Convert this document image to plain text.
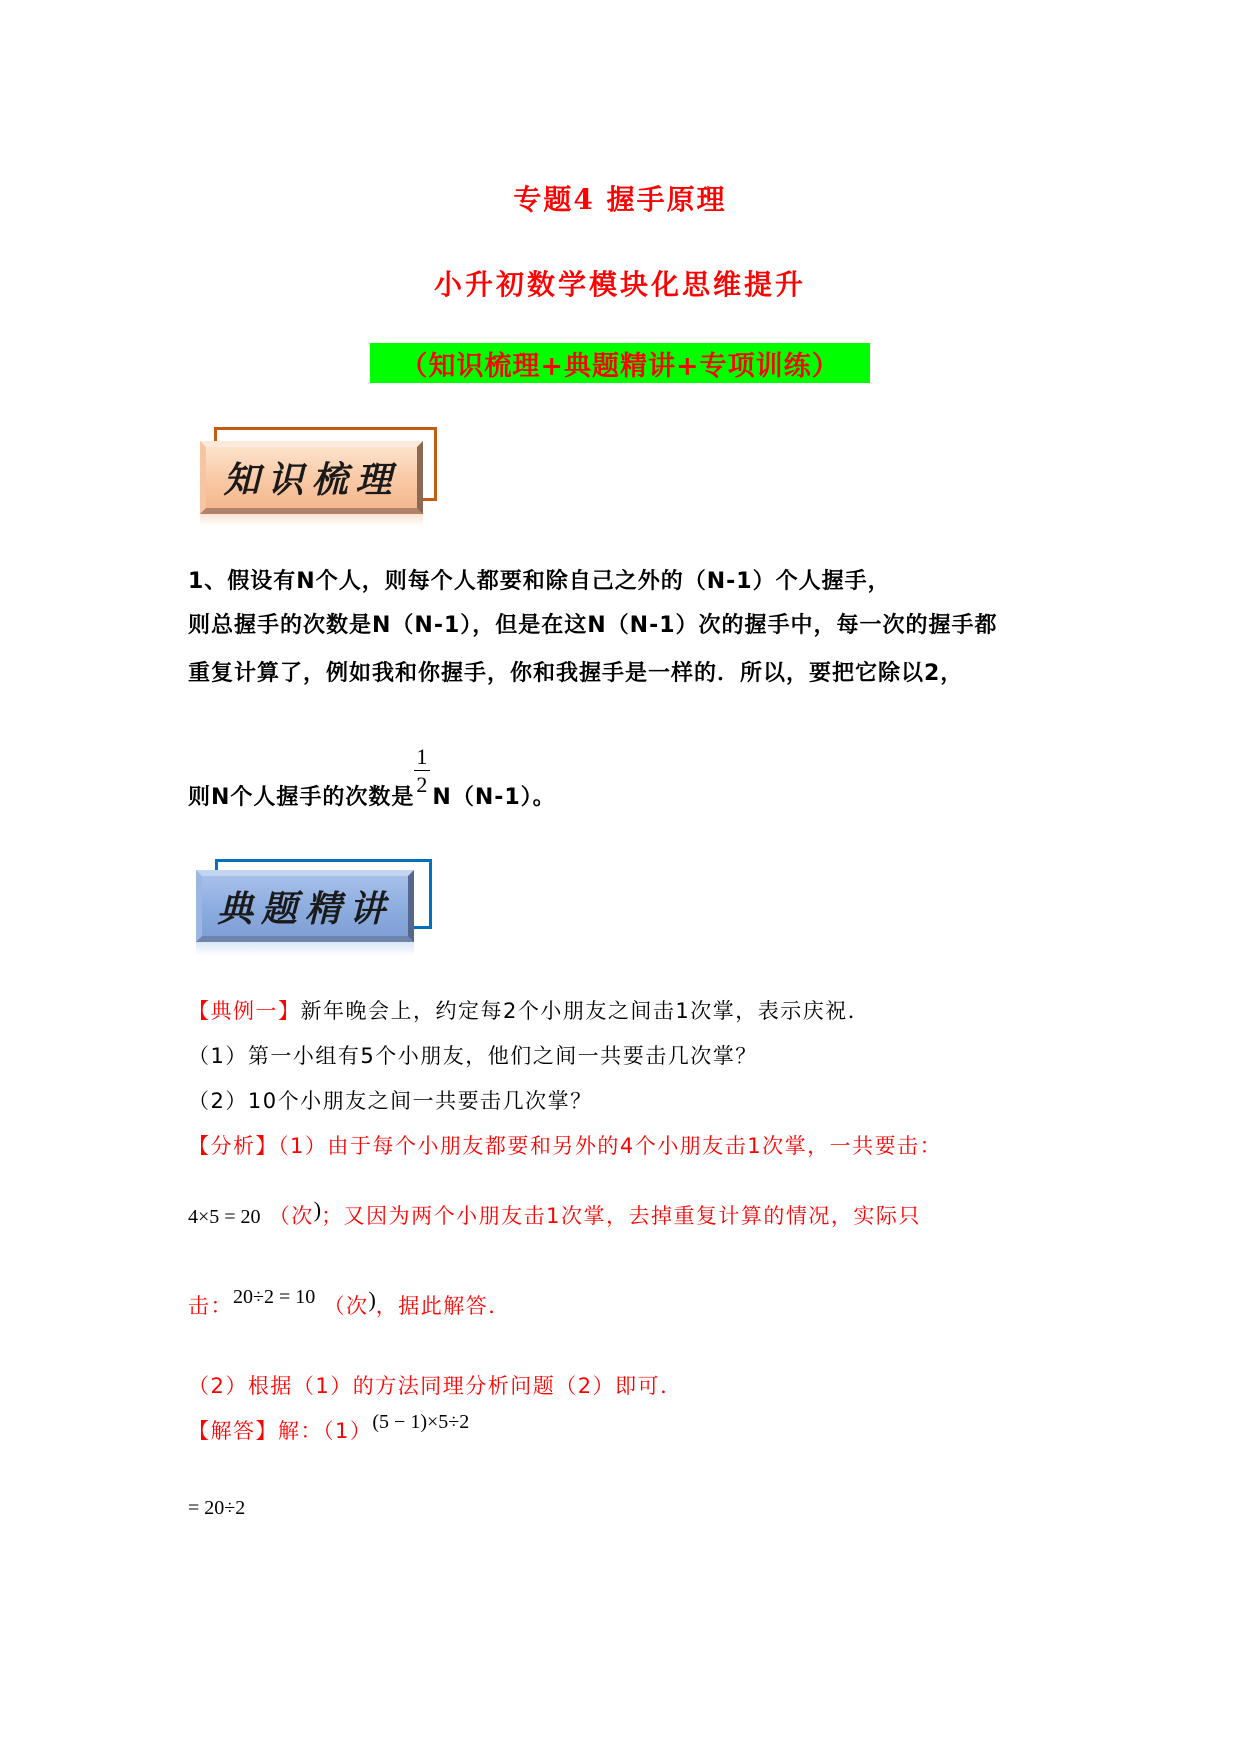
专题4 握手原理
小升初数学模块化思维提升
（知识梳理+典题精讲+专项训练）
知识梳理
1、假设有N个人，则每个人都要和除自己之外的（N-1）个人握手，
则总握手的次数是N（N-1），但是在这N（N-1）次的握手中，每一次的握手都
重复计算了，例如我和你握手，你和我握手是一样的．所以，要把它除以2，
则N个人握手的次数是 $\frac{1}{2} N(N-1)$。
典题精讲
【典例一】新年晚会上，约定每2个小朋友之间击1次掌，表示庆祝．
（1）第一小组有5个小朋友，他们之间一共要击几次掌？
（2）10个小朋友之间一共要击几次掌？
【分析】（1）由于每个小朋友都要和另外的4个小朋友击1次掌，一共要击：
4×5 = 20 （次)；又因为两个小朋友击1次掌，去掉重复计算的情况，实际只
击：20÷2 = 10 （次)，据此解答．
（2）根据（1）的方法同理分析问题（2）即可．
【解答】解：（1）(5 − 1)×5÷2
= 20÷2
